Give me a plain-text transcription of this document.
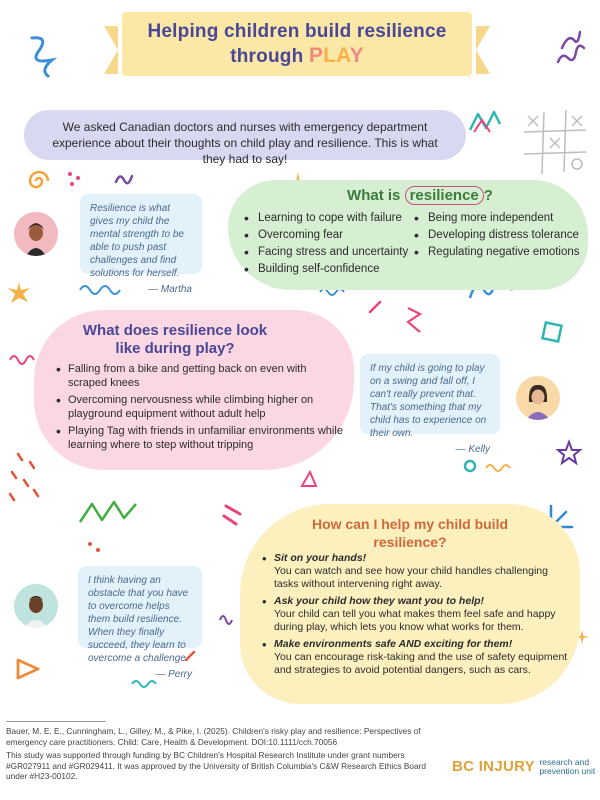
Helping children build resilience
through PLAY
We asked Canadian doctors and nurses with emergency department experience about their thoughts on child play and resilience. This is what they had to say!
Resilience is what gives my child the mental strength to be able to push past challenges and find solutions for herself.
— Martha
What is resilience ?
• Learning to cope with failure
• Overcoming fear
• Facing stress and uncertainty
• Building self-confidence
• Being more independent
• Developing distress tolerance
• Regulating negative emotions
What does resilience look like during play?
• Falling from a bike and getting back on even with scraped knees
• Overcoming nervousness while climbing higher on playground equipment without adult help
• Playing Tag with friends in unfamiliar environments while learning where to step without tripping
If my child is going to play on a swing and fall off, I can't really prevent that. That's something that my child has to experience on their own.
— Kelly
I think having an obstacle that you have to overcome helps them build resilience. When they finally succeed, they learn to overcome a challenge.
— Perry
How can I help my child build resilience?
• Sit on your hands!
You can watch and see how your child handles challenging tasks without intervening right away.
• Ask your child how they want you to help!
Your child can tell you what makes them feel safe and happy during play, which lets you know what works for them.
• Make environments safe AND exciting for them!
You can encourage risk-taking and the use of safety equipment and strategies to avoid potential dangers, such as cars.

Bauer, M. E. E., Cunningham, L., Gilley, M., & Pike, I. (2025). Children's risky play and resilience: Perspectives of emergency care practitioners. Child: Care, Health & Development. DOI:10.1111/cch.70056

This study was supported through funding by BC Children's Hospital Research Institute under grant numbers #GR027911 and #GR029411. It was approved by the University of British Columbia's C&W Research Ethics Board under #H23-00102.

BC INJURY research and
prevention unit
